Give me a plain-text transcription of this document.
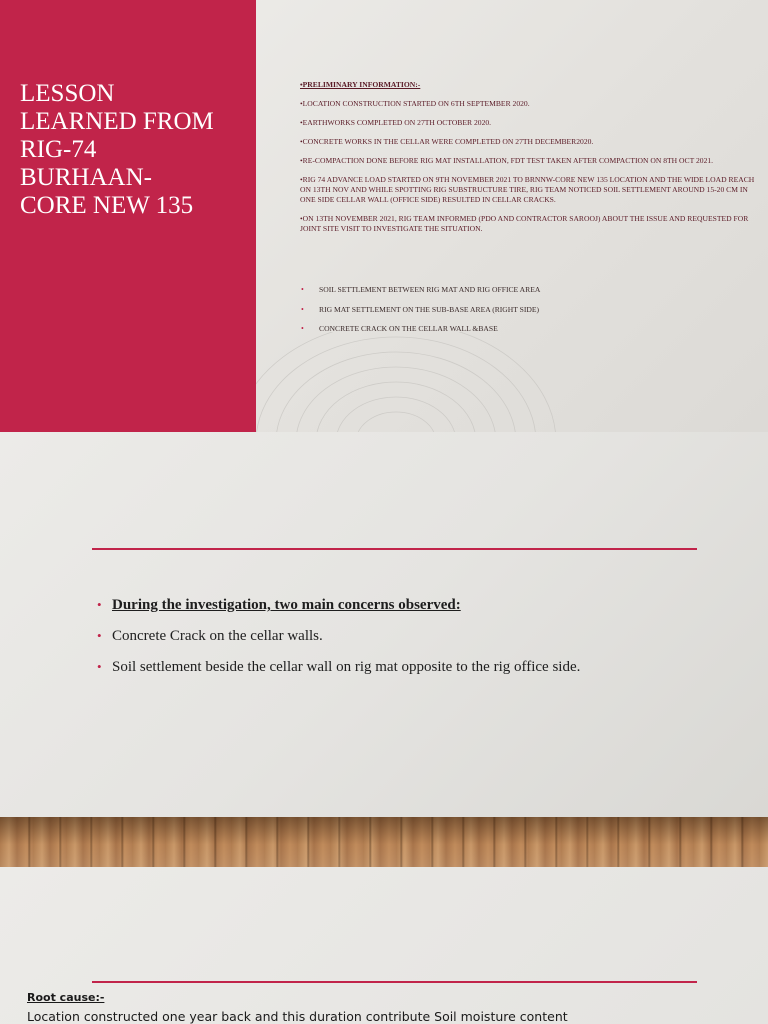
LESSON
LEARNED FROM
RIG-74
BURHAAN-
CORE NEW 135
•PRELIMINARY INFORMATION:-
•LOCATION CONSTRUCTION STARTED ON 6TH SEPTEMBER 2020.
•EARTHWORKS COMPLETED ON 27TH OCTOBER 2020.
•CONCRETE WORKS IN THE CELLAR WERE COMPLETED ON 27TH DECEMBER2020.
•RE-COMPACTION DONE BEFORE RIG MAT INSTALLATION, FDT TEST TAKEN AFTER COMPACTION ON 8TH OCT 2021.
•RIG 74 ADVANCE LOAD STARTED ON 9TH NOVEMBER 2021 TO BRNNW-CORE NEW 135 LOCATION AND THE WIDE LOAD REACH ON 13TH NOV AND WHILE SPOTTING RIG SUBSTRUCTURE TIRE, RIG TEAM NOTICED SOIL SETTLEMENT AROUND 15-20 CM IN ONE SIDE CELLAR WALL (OFFICE SIDE) RESULTED IN CELLAR CRACKS.
•ON 13TH NOVEMBER 2021, RIG TEAM INFORMED (PDO AND CONTRACTOR SAROOJ) ABOUT THE ISSUE AND REQUESTED FOR JOINT SITE VISIT TO INVESTIGATE THE SITUATION.
• SOIL SETTLEMENT BETWEEN RIG MAT AND RIG OFFICE AREA
• RIG MAT SETTLEMENT ON THE SUB-BASE AREA (RIGHT SIDE)
• CONCRETE CRACK ON THE CELLAR WALL &BASE
• During the investigation, two main concerns observed:
• Concrete Crack on the cellar walls.
• Soil settlement beside the cellar wall on rig mat opposite to the rig office side.
Root cause:-
Location constructed one year back and this duration contribute Soil moisture content
